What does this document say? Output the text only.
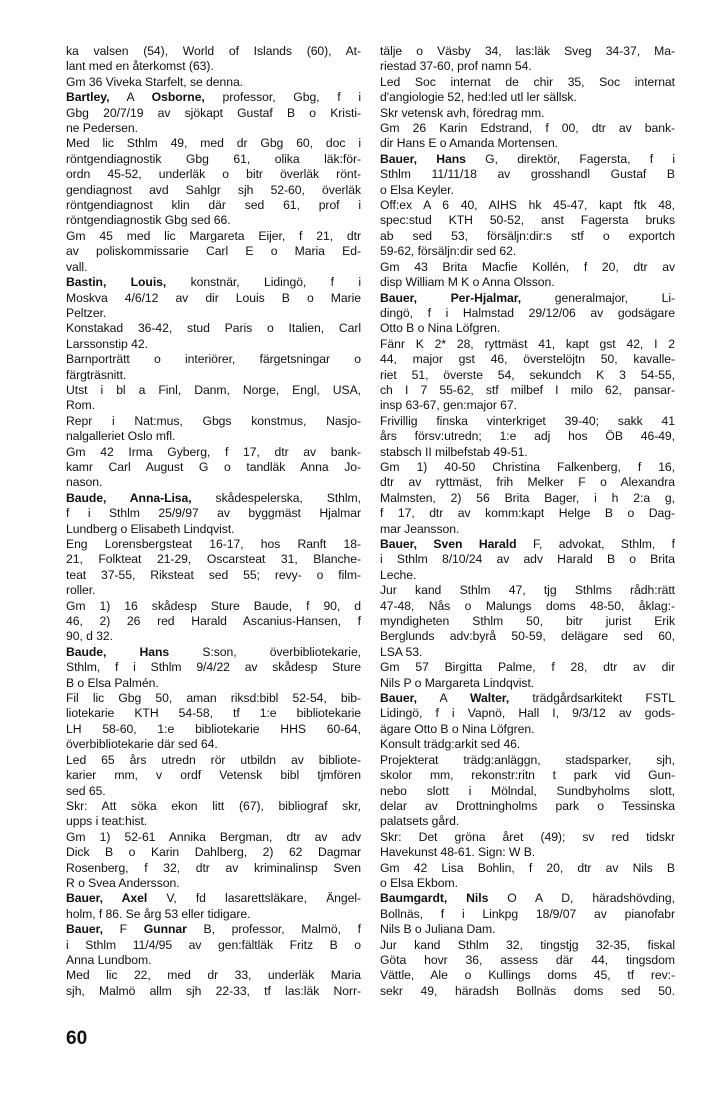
ka valsen (54), World of Islands (60), At-
lant med en återkomst (63).
Gm 36 Viveka Starfelt, se denna.
Bartley, A Osborne, professor, Gbg, f i
Gbg 20/7/19 av sjökapt Gustaf B o Kristi-
ne Pedersen.
Med lic Sthlm 49, med dr Gbg 60, doc i
röntgendiagnostik Gbg 61, olika läk:för-
ordn 45-52, underläk o bitr överläk rönt-
gendiagnost avd Sahlgr sjh 52-60, överläk
röntgendiagnost klin där sed 61, prof i
röntgendiagnostik Gbg sed 66.
Gm 45 med lic Margareta Eijer, f 21, dtr
av poliskommissarie Carl E o Maria Ed-
vall.
Bastin, Louis, konstnär, Lidingö, f i
Moskva 4/6/12 av dir Louis B o Marie
Peltzer.
Konstakad 36-42, stud Paris o Italien, Carl
Larssonstip 42.
Barnporträtt o interiörer, färgetsningar o
färgträsnitt.
Utst i bl a Finl, Danm, Norge, Engl, USA,
Rom.
Repr i Nat:mus, Gbgs konstmus, Nasjo-
nalgalleriet Oslo mfl.
Gm 42 Irma Gyberg, f 17, dtr av bank-
kamr Carl August G o tandläk Anna Jo-
nason.
Baude, Anna-Lisa, skådespelerska, Sthlm,
f i Sthlm 25/9/97 av byggmäst Hjalmar
Lundberg o Elisabeth Lindqvist.
Eng Lorensbergsteat 16-17, hos Ranft 18-
21, Folkteat 21-29, Oscarsteat 31, Blanche-
teat 37-55, Riksteat sed 55; revy- o film-
roller.
Gm 1) 16 skådesp Sture Baude, f 90, d
46, 2) 26 red Harald Ascanius-Hansen, f
90, d 32.
Baude, Hans S:son, överbibliotekarie,
Sthlm, f i Sthlm 9/4/22 av skådesp Sture
B o Elsa Palmén.
Fil lic Gbg 50, aman riksd:bibl 52-54, bib-
liotekarie KTH 54-58, tf 1:e bibliotekarie
LH 58-60, 1:e bibliotekarie HHS 60-64,
överbibliotekarie där sed 64.
Led 65 års utredn rör utbildn av bibliote-
karier mm, v ordf Vetensk bibl tjmfören
sed 65.
Skr: Att söka ekon litt (67), bibliograf skr,
upps i teat:hist.
Gm 1) 52-61 Annika Bergman, dtr av adv
Dick B o Karin Dahlberg, 2) 62 Dagmar
Rosenberg, f 32, dtr av kriminalinsp Sven
R o Svea Andersson.
Bauer, Axel V, fd lasarettsläkare, Ängel-
holm, f 86. Se årg 53 eller tidigare.
Bauer, F Gunnar B, professor, Malmö, f
i Sthlm 11/4/95 av gen:fältläk Fritz B o
Anna Lundbom.
Med lic 22, med dr 33, underläk Maria
sjh, Malmö allm sjh 22-33, tf las:läk Norr-
tälje o Väsby 34, las:läk Sveg 34-37, Ma-
riestad 37-60, prof namn 54.
Led Soc internat de chir 35, Soc internat
d'angiologie 52, hed:led utl ler sällsk.
Skr vetensk avh, föredrag mm.
Gm 26 Karin Edstrand, f 00, dtr av bank-
dir Hans E o Amanda Mortensen.
Bauer, Hans G, direktör, Fagersta, f i
Sthlm 11/11/18 av grosshandl Gustaf B
o Elsa Keyler.
Off:ex A 6 40, AIHS hk 45-47, kapt ftk 48,
spec:stud KTH 50-52, anst Fagersta bruks
ab sed 53, försäljn:dir:s stf o exportch
59-62, försäljn:dir sed 62.
Gm 43 Brita Macfie Kollén, f 20, dtr av
disp William M K o Anna Olsson.
Bauer, Per-Hjalmar, generalmajor, Li-
dingö, f i Halmstad 29/12/06 av godsägare
Otto B o Nina Löfgren.
Fänr K 2* 28, ryttmäst 41, kapt gst 42, I 2
44, major gst 46, överstelöjtn 50, kavalle-
riet 51, överste 54, sekundch K 3 54-55,
ch I 7 55-62, stf milbef I milo 62, pansar-
insp 63-67, gen:major 67.
Frivillig finska vinterkriget 39-40; sakk 41
års försv:utredn; 1:e adj hos ÖB 46-49,
stabsch II milbefstab 49-51.
Gm 1) 40-50 Christina Falkenberg, f 16,
dtr av ryttmäst, frih Melker F o Alexandra
Malmsten, 2) 56 Brita Bager, i h 2:a g,
f 17, dtr av komm:kapt Helge B o Dag-
mar Jeansson.
Bauer, Sven Harald F, advokat, Sthlm, f
i Sthlm 8/10/24 av adv Harald B o Brita
Leche.
Jur kand Sthlm 47, tjg Sthlms rådh:rätt
47-48, Nås o Malungs doms 48-50, åklag:-
myndigheten Sthlm 50, bitr jurist Erik
Berglunds adv:byrå 50-59, delägare sed 60,
LSA 53.
Gm 57 Birgitta Palme, f 28, dtr av dir
Nils P o Margareta Lindqvist.
Bauer, A Walter, trädgårdsarkitekt FSTL
Lidingö, f i Vapnö, Hall I, 9/3/12 av gods-
ägare Otto B o Nina Löfgren.
Konsult trädg:arkit sed 46.
Projekterat trädg:anläggn, stadsparker, sjh,
skolor mm, rekonstr:ritn t park vid Gun-
nebo slott i Mölndal, Sundbyholms slott,
delar av Drottningholms park o Tessinska
palatsets gård.
Skr: Det gröna året (49); sv red tidskr
Havekunst 48-61. Sign: W B.
Gm 42 Lisa Bohlin, f 20, dtr av Nils B
o Elsa Ekbom.
Baumgardt, Nils O A D, häradshövding,
Bollnäs, f i Linkpg 18/9/07 av pianofabr
Nils B o Juliana Dam.
Jur kand Sthlm 32, tingstjg 32-35, fiskal
Göta hovr 36, assess där 44, tingsdom
Vättle, Ale o Kullings doms 45, tf rev:-
sekr 49, häradsh Bollnäs doms sed 50.
60
